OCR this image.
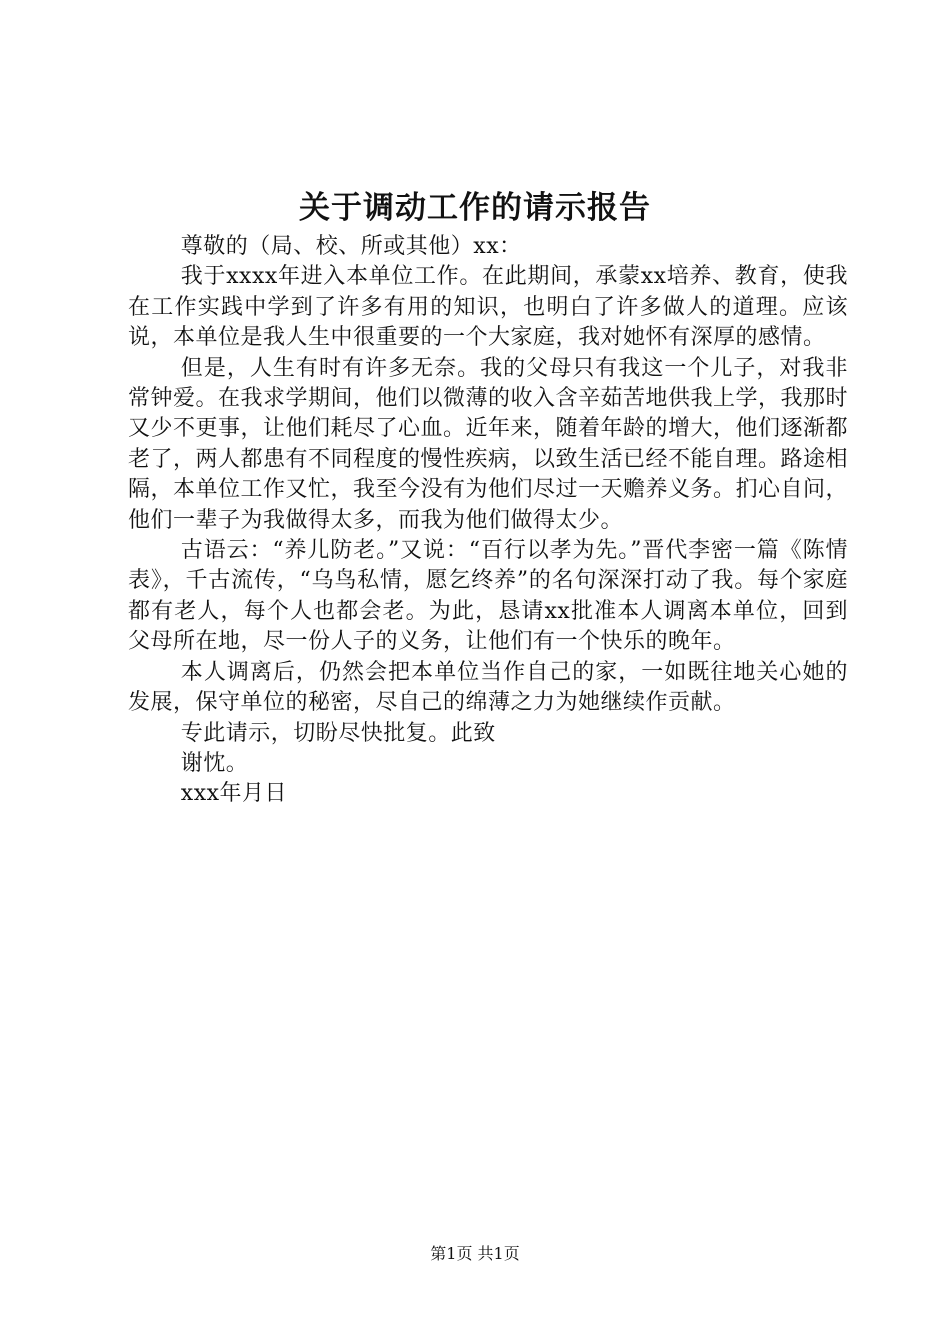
关于调动工作的请示报告

尊敬的（局、校、所或其他）xx：

我于xxxx年进入本单位工作。在此期间，承蒙xx培养、教育，使我在工作实践中学到了许多有用的知识，也明白了许多做人的道理。应该说，本单位是我人生中很重要的一个大家庭，我对她怀有深厚的感情。

但是，人生有时有许多无奈。我的父母只有我这一个儿子，对我非常钟爱。在我求学期间，他们以微薄的收入含辛茹苦地供我上学，我那时又少不更事，让他们耗尽了心血。近年来，随着年龄的增大，他们逐渐都老了，两人都患有不同程度的慢性疾病，以致生活已经不能自理。路途相隔，本单位工作又忙，我至今没有为他们尽过一天赡养义务。扪心自问，他们一辈子为我做得太多，而我为他们做得太少。

古语云：“养儿防老。”又说：“百行以孝为先。”晋代李密一篇《陈情表》，千古流传，“乌鸟私情，愿乞终养”的名句深深打动了我。每个家庭都有老人，每个人也都会老。为此，恳请xx批准本人调离本单位，回到父母所在地，尽一份人子的义务，让他们有一个快乐的晚年。

本人调离后，仍然会把本单位当作自己的家，一如既往地关心她的发展，保守单位的秘密，尽自己的绵薄之力为她继续作贡献。

专此请示，切盼尽快批复。此致

谢忱。

xxx年月日

第1页 共1页
